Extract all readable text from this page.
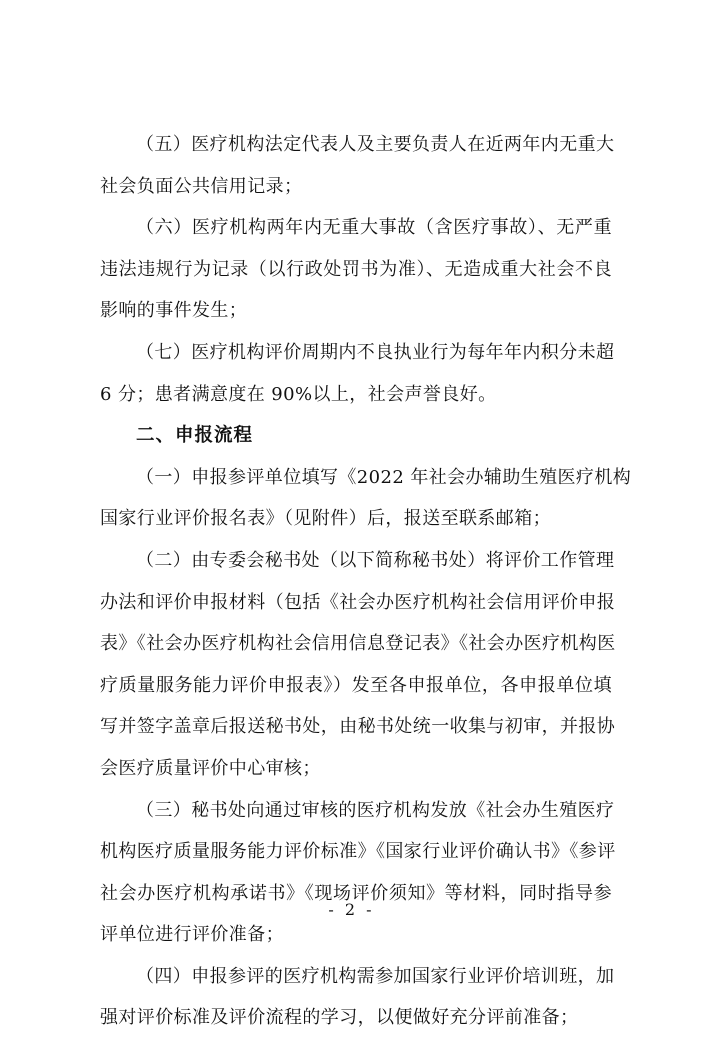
（五）医疗机构法定代表人及主要负责人在近两年内无重大
社会负面公共信用记录；

（六）医疗机构两年内无重大事故（含医疗事故）、无严重
违法违规行为记录（以行政处罚书为准）、无造成重大社会不良
影响的事件发生；

（七）医疗机构评价周期内不良执业行为每年年内积分未超
6 分；患者满意度在 90%以上，社会声誉良好。

二、申报流程

（一）申报参评单位填写《2022 年社会办辅助生殖医疗机构
国家行业评价报名表》（见附件）后，报送至联系邮箱；

（二）由专委会秘书处（以下简称秘书处）将评价工作管理
办法和评价申报材料（包括《社会办医疗机构社会信用评价申报
表》《社会办医疗机构社会信用信息登记表》《社会办医疗机构医
疗质量服务能力评价申报表》）发至各申报单位，各申报单位填
写并签字盖章后报送秘书处，由秘书处统一收集与初审，并报协
会医疗质量评价中心审核；

（三）秘书处向通过审核的医疗机构发放《社会办生殖医疗
机构医疗质量服务能力评价标准》《国家行业评价确认书》《参评
社会办医疗机构承诺书》《现场评价须知》等材料，同时指导参
评单位进行评价准备；

（四）申报参评的医疗机构需参加国家行业评价培训班，加
强对评价标准及评价流程的学习，以便做好充分评前准备；

- 2 -
